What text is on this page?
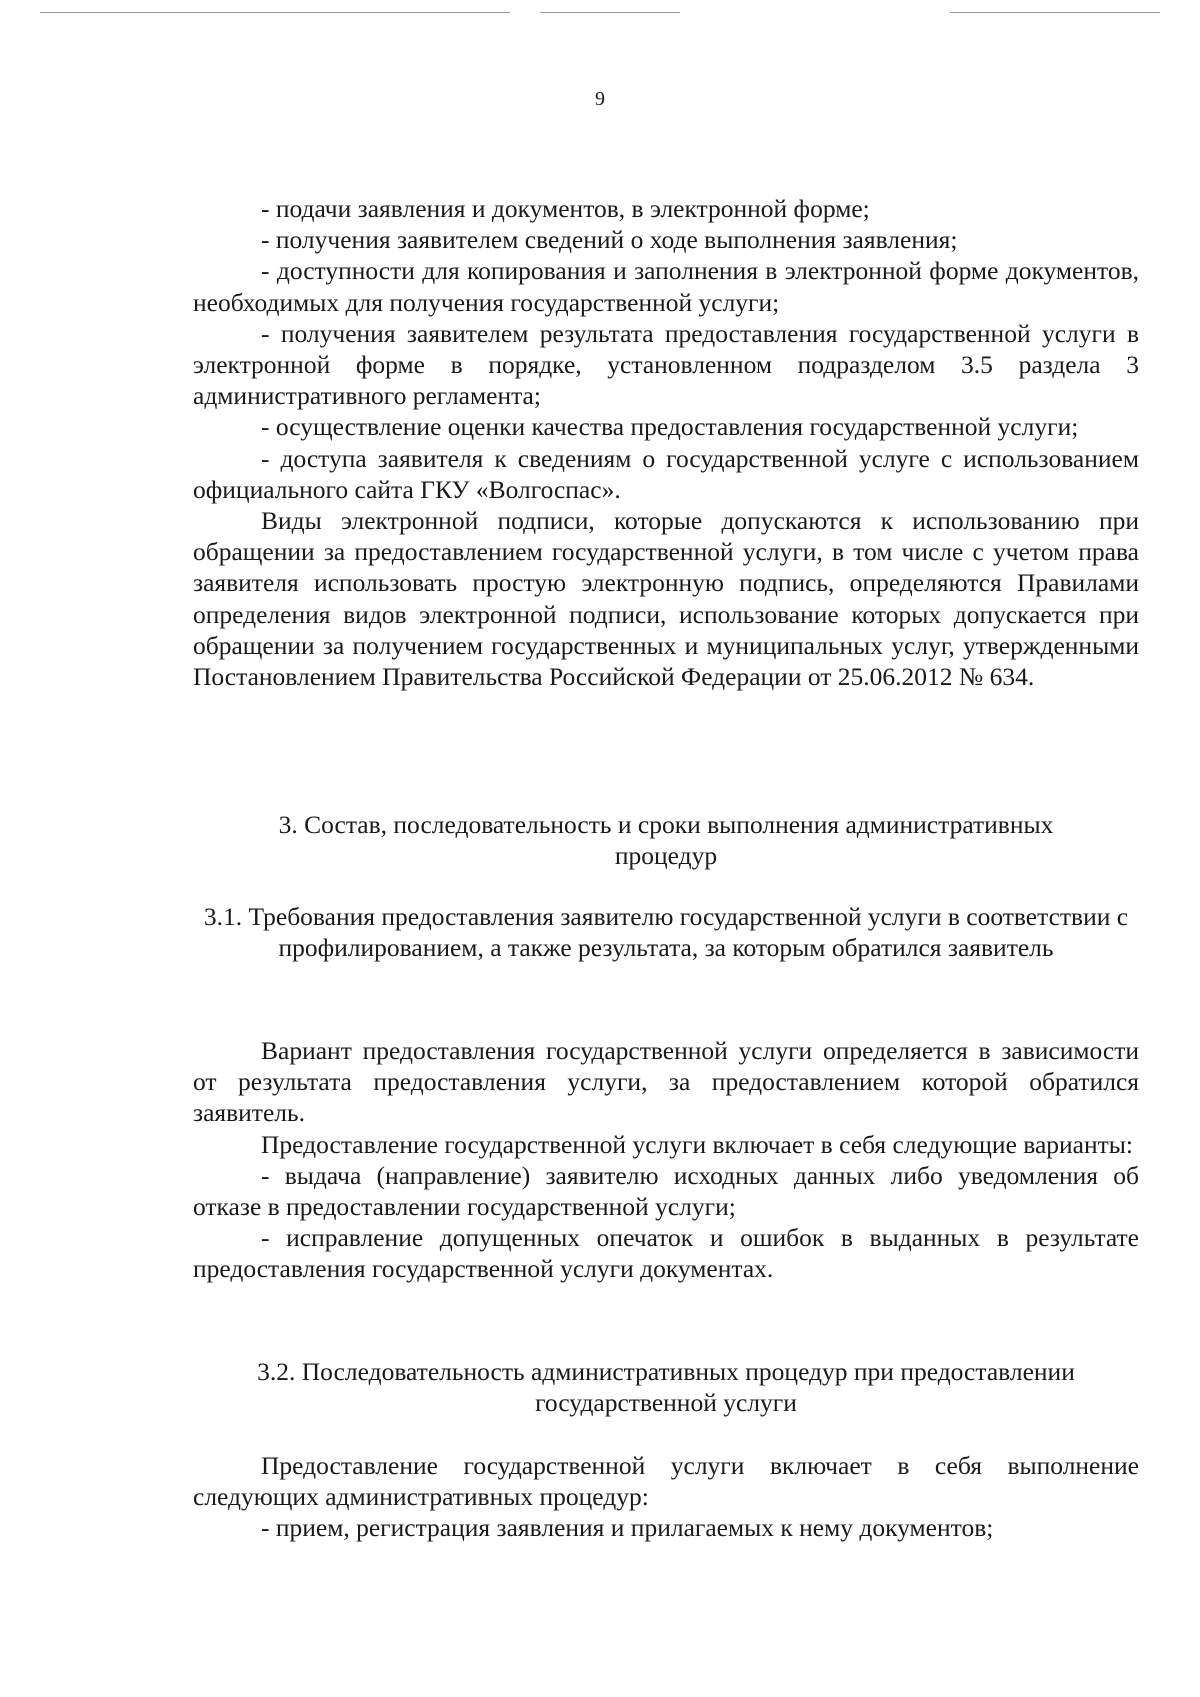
9

- подачи заявления и документов, в электронной форме;

- получения заявителем сведений о ходе выполнения заявления;

- доступности для копирования и заполнения в электронной форме документов, необходимых для получения государственной услуги;

- получения заявителем результата предоставления государственной услуги в электронной форме в порядке, установленном подразделом 3.5 раздела 3 административного регламента;

- осуществление оценки качества предоставления государственной услуги;

- доступа заявителя к сведениям о государственной услуге с использованием официального сайта ГКУ «Волгоспас».

Виды электронной подписи, которые допускаются к использованию при обращении за предоставлением государственной услуги, в том числе с учетом права заявителя использовать простую электронную подпись, определяются Правилами определения видов электронной подписи, использование которых допускается при обращении за получением государственных и муниципальных услуг, утвержденными Постановлением Правительства Российской Федерации от 25.06.2012 № 634.

3. Состав, последовательность и сроки выполнения административных процедур
3.1. Требования предоставления заявителю государственной услуги в соответствии с профилированием, а также результата, за которым обратился заявитель

Вариант предоставления государственной услуги определяется в зависимости от результата предоставления услуги, за предоставлением которой обратился заявитель.

Предоставление государственной услуги включает в себя следующие варианты:

- выдача (направление) заявителю исходных данных либо уведомления об отказе в предоставлении государственной услуги;

- исправление допущенных опечаток и ошибок в выданных в результате предоставления государственной услуги документах.

3.2. Последовательность административных процедур при предоставлении государственной услуги

Предоставление государственной услуги включает в себя выполнение следующих административных процедур:

- прием, регистрация заявления и прилагаемых к нему документов;
